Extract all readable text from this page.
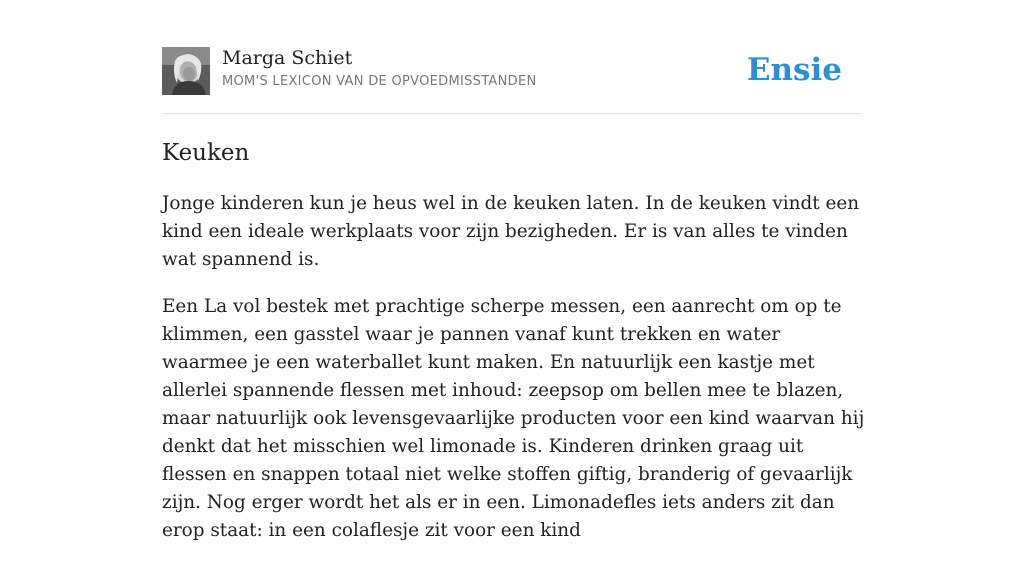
Marga Schiet
MOM'S LEXICON VAN DE OPVOEDMISSTANDEN	Ensie
Keuken

Jonge kinderen kun je heus wel in de keuken laten. In de keuken vindt een kind een ideale werkplaats voor zijn bezigheden. Er is van alles te vinden wat spannend is.

Een La vol bestek met prachtige scherpe messen, een aanrecht om op te klimmen, een gasstel waar je pannen vanaf kunt trekken en water waarmee je een waterballet kunt maken. En natuurlijk een kastje met allerlei spannende flessen met inhoud: zeepsop om bellen mee te blazen, maar natuurlijk ook levensgevaarlijke producten voor een kind waarvan hij denkt dat het misschien wel limonade is. Kinderen drinken graag uit flessen en snappen totaal niet welke stoffen giftig, branderig of gevaarlijk zijn. Nog erger wordt het als er in een. Limonadefles iets anders zit dan erop staat: in een colaflesje zit voor een kind
